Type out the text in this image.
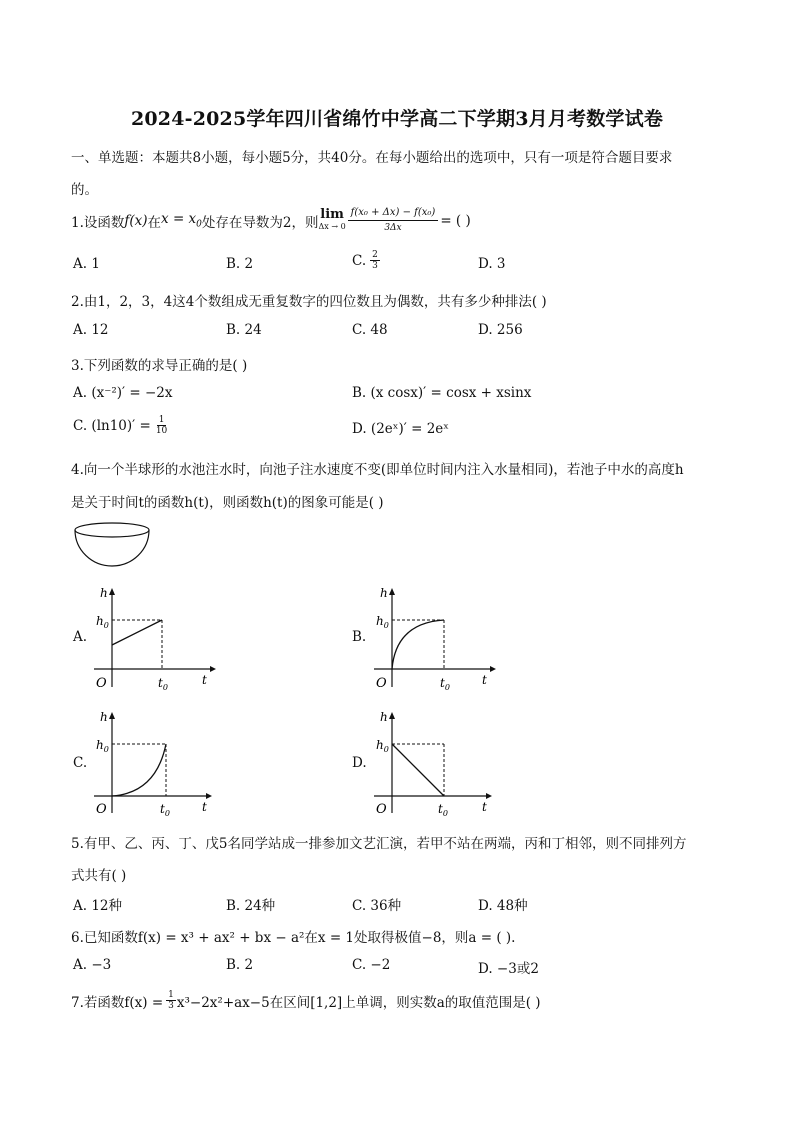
2024-2025学年四川省绵竹中学高二下学期3月月考数学试卷
一、单选题：本题共8小题，每小题5分，共40分。在每小题给出的选项中，只有一项是符合题目要求
的。
1.设函数 f(x) 在 $x = x_0$ 处存在导数为2，则
lim
$\Delta x \to 0 \frac{\text{f(x₀ + Δx) − f(x₀)}}{3\Delta x}$ = ( )
A. 1	B. 2	C. $\frac{2}{3}$	D. 3
2.由1，2，3，4这4个数组成无重复数字的四位数且为偶数，共有多少种排法( )
A. 12	B. 24	C. 48	D. 256
3.下列函数的求导正确的是( )
A. (x⁻²)′ = −2x	B. (x cosx)′ = cosx + xsinx
C. $(\ln 10)' = \frac{1}{10}$	D. (2eˣ)′ = 2eˣ
4.向一个半球形的水池注水时，向池子注水速度不变(即单位时间内注入水量相同)，若池子中水的高度h
是关于时间t的函数h(t)，则函数h(t)的图象可能是( )
A.	B.
C.	D.
h
$h_0$
O	$t_0$
t
h
$h_0$
O	$t_0$
t
h
$h_0$
O	$t_0$	t
h
$h_0$
O	$t_0$	t
5.有甲、乙、丙、丁、戊5名同学站成一排参加文艺汇演，若甲不站在两端，丙和丁相邻，则不同排列方
式共有( )
A. 12种	B. 24种	C. 36种	D. 48种
6.已知函数f(x) = x³ + ax² + bx − a²在x = 1处取得极值−8，则a = ( ).
A. −3	B. 2	C. −2	D. −3或2
7.若函数$f(x) = \frac{1}{3} x^3-2x^2+ax-5$在区间[1,2]上单调，则实数a的取值范围是( )
